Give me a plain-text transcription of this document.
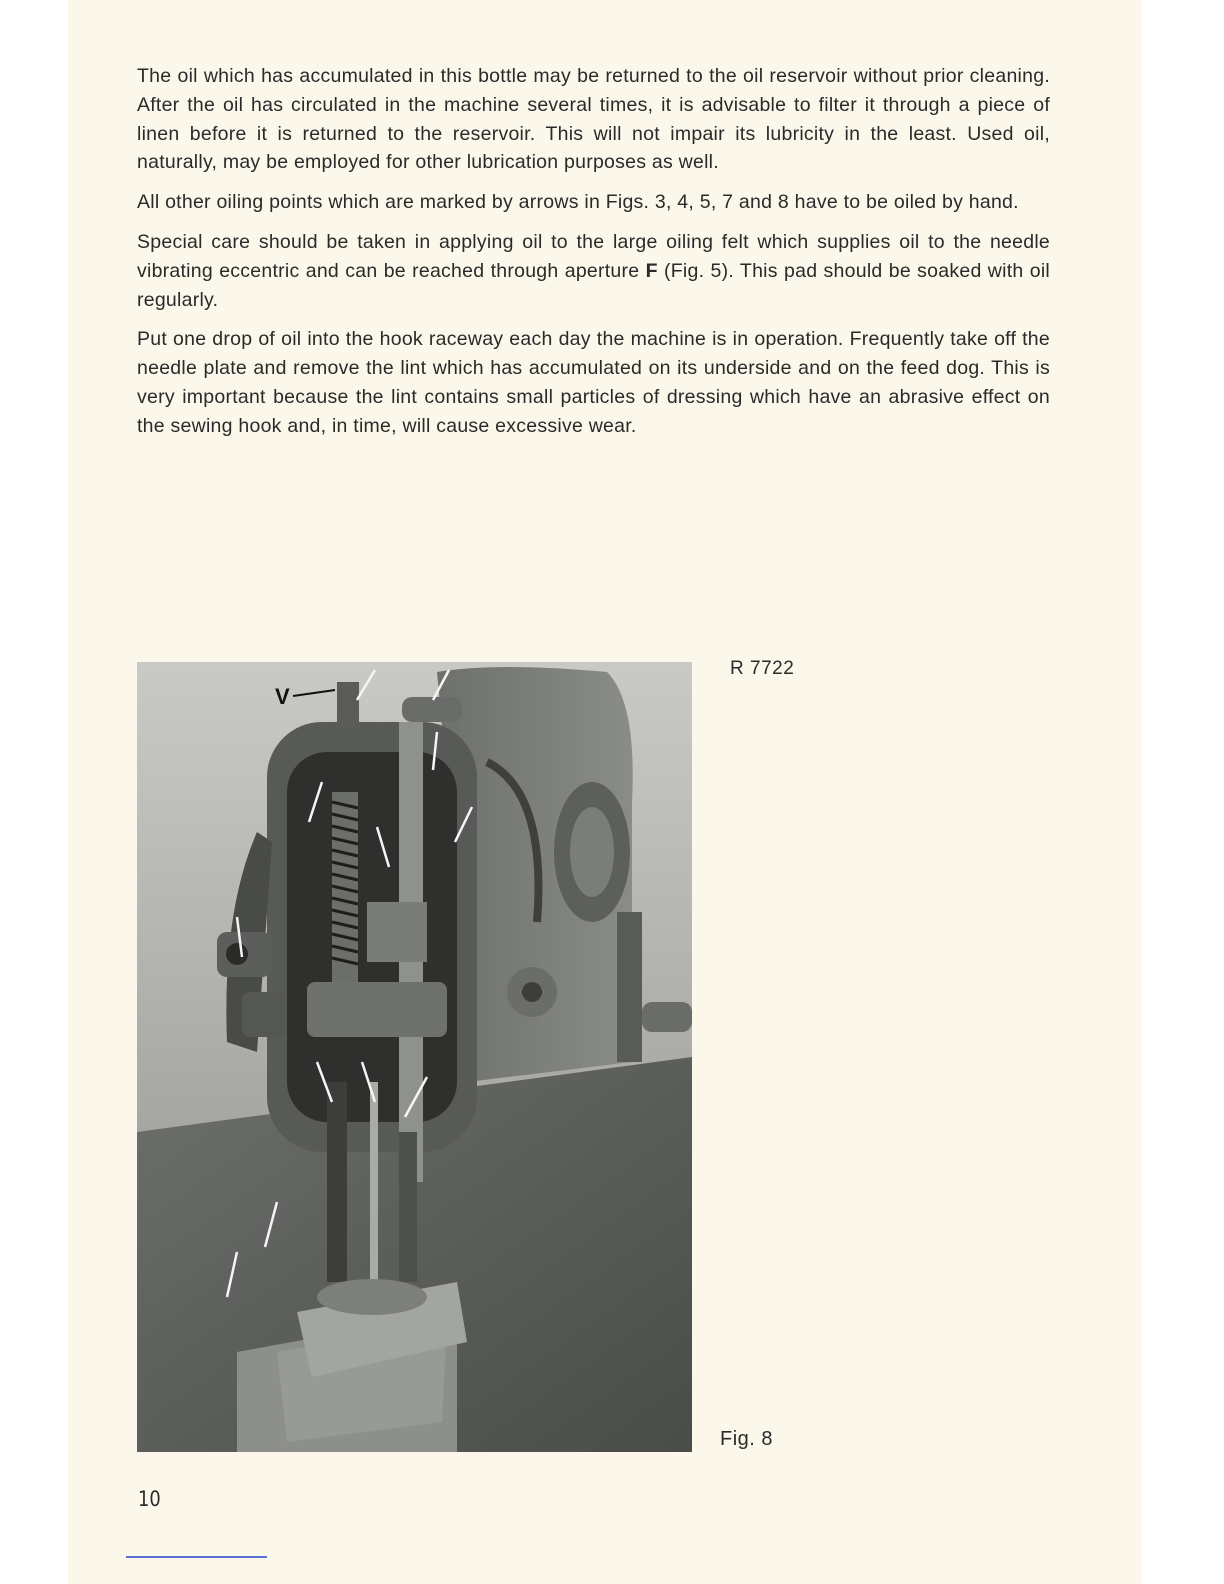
The oil which has accumulated in this bottle may be returned to the oil reservoir without prior cleaning. After the oil has circulated in the machine several times, it is advisable to filter it through a piece of linen before it is returned to the reservoir. This will not impair its lubricity in the least. Used oil, naturally, may be employed for other lubrication purposes as well.

All other oiling points which are marked by arrows in Figs. 3, 4, 5, 7 and 8 have to be oiled by hand.

Special care should be taken in applying oil to the large oiling felt which supplies oil to the needle vibrating eccentric and can be reached through aperture F (Fig. 5). This pad should be soaked with oil regularly.

Put one drop of oil into the hook raceway each day the machine is in operation. Frequently take off the needle plate and remove the lint which has accumulated on its underside and on the feed dog. This is very important because the lint contains small particles of dressing which have an abrasive effect on the sewing hook and, in time, will cause excessive wear.

V
R 7722
Fig. 8
10
